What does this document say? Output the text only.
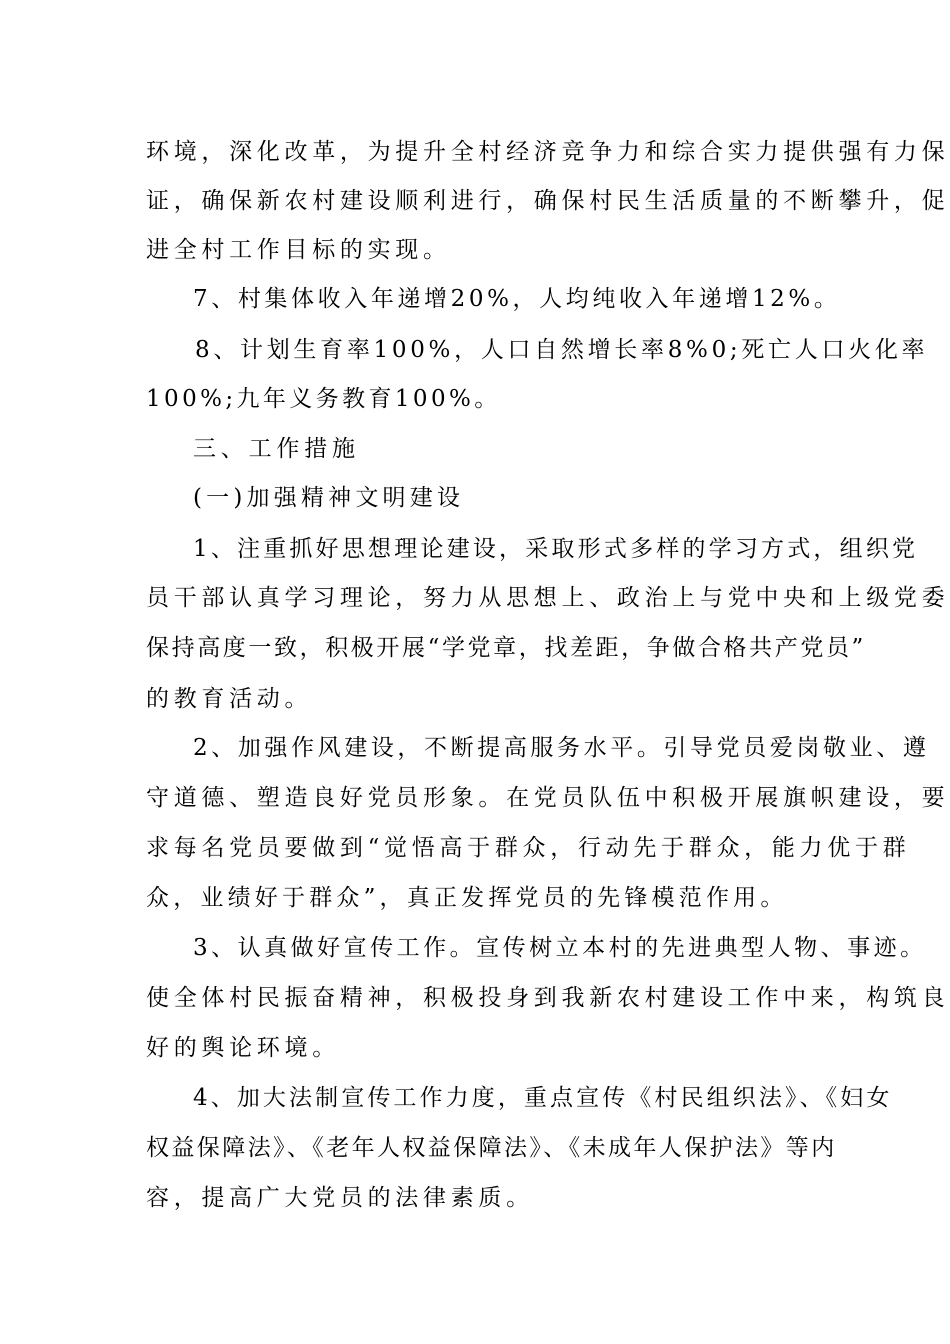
环境，深化改革，为提升全村经济竞争力和综合实力提供强有力保
证，确保新农村建设顺利进行，确保村民生活质量的不断攀升，促
进全村工作目标的实现。
7、村集体收入年递增20%，人均纯收入年递增12%。
8、计划生育率100%，人口自然增长率8%0;死亡人口火化率
100%;九年义务教育100%。
三、工作措施
(一)加强精神文明建设
1、注重抓好思想理论建设，采取形式多样的学习方式，组织党
员干部认真学习理论，努力从思想上、政治上与党中央和上级党委
保持高度一致，积极开展“学党章，找差距，争做合格共产党员”
的教育活动。
2、加强作风建设，不断提高服务水平。引导党员爱岗敬业、遵
守道德、塑造良好党员形象。在党员队伍中积极开展旗帜建设，要
求每名党员要做到“觉悟高于群众，行动先于群众，能力优于群
众，业绩好于群众”，真正发挥党员的先锋模范作用。
3、认真做好宣传工作。宣传树立本村的先进典型人物、事迹。
使全体村民振奋精神，积极投身到我新农村建设工作中来，构筑良
好的舆论环境。
4、加大法制宣传工作力度，重点宣传《村民组织法》、《妇女
权益保障法》、《老年人权益保障法》、《未成年人保护法》等内
容，提高广大党员的法律素质。
